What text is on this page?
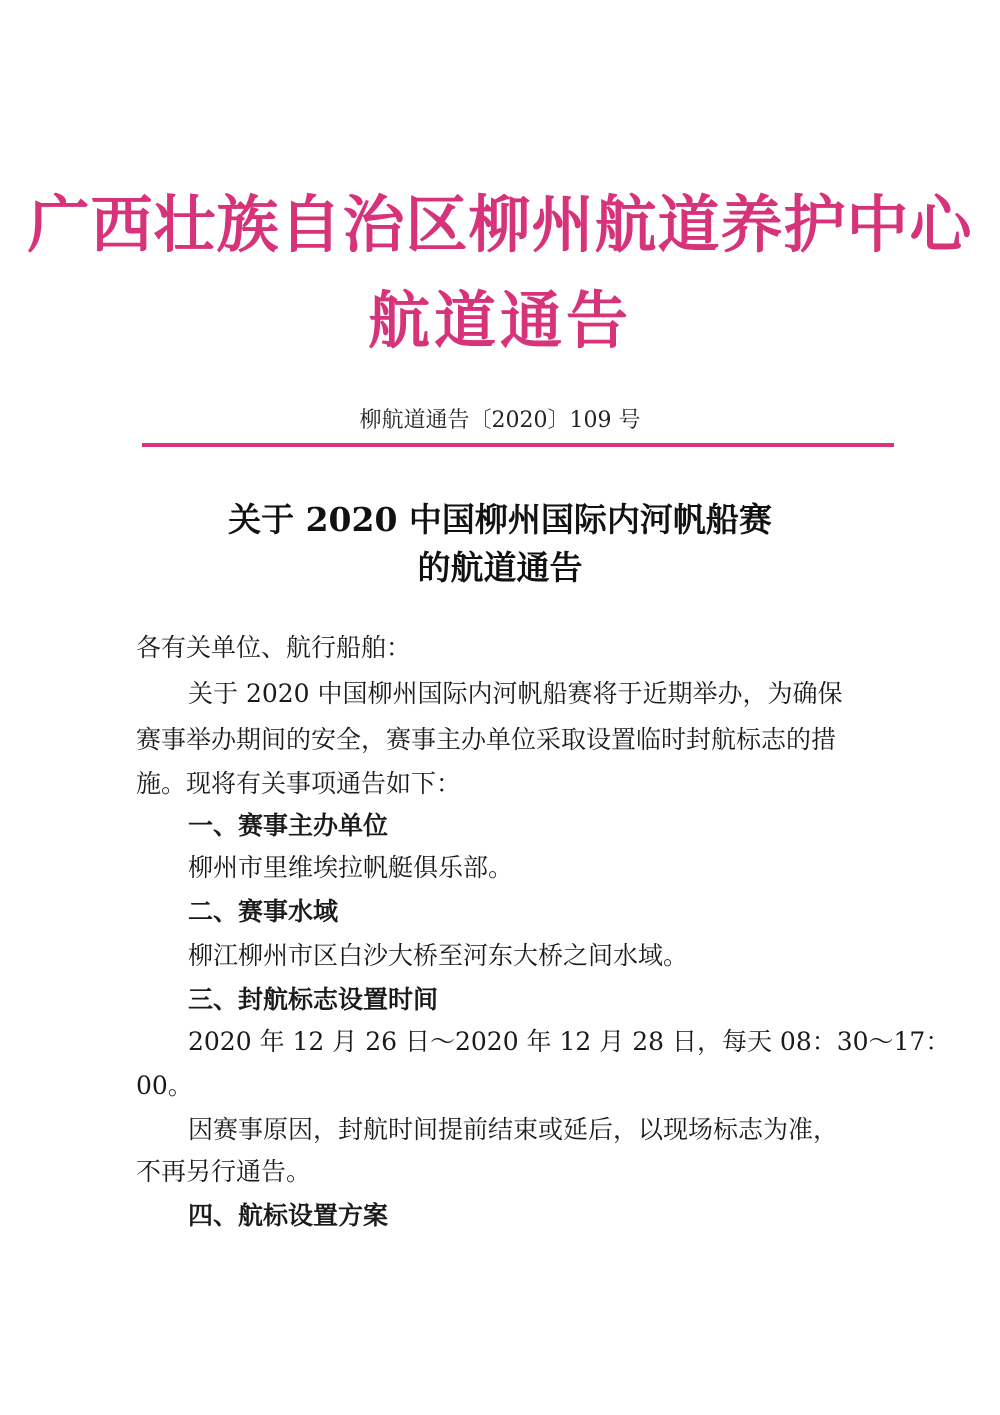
广西壮族自治区柳州航道养护中心
航道通告
柳航道通告〔2020〕109 号
关于 2020 中国柳州国际内河帆船赛
的航道通告
各有关单位、航行船舶：
关于 2020 中国柳州国际内河帆船赛将于近期举办，为确保
赛事举办期间的安全，赛事主办单位采取设置临时封航标志的措
施。现将有关事项通告如下：
一、赛事主办单位
柳州市里维埃拉帆艇俱乐部。
二、赛事水域
柳江柳州市区白沙大桥至河东大桥之间水域。
三、封航标志设置时间
2020 年 12 月 26 日～2020 年 12 月 28 日，每天 08：30～17：
00。
因赛事原因，封航时间提前结束或延后，以现场标志为准，
不再另行通告。
四、航标设置方案
